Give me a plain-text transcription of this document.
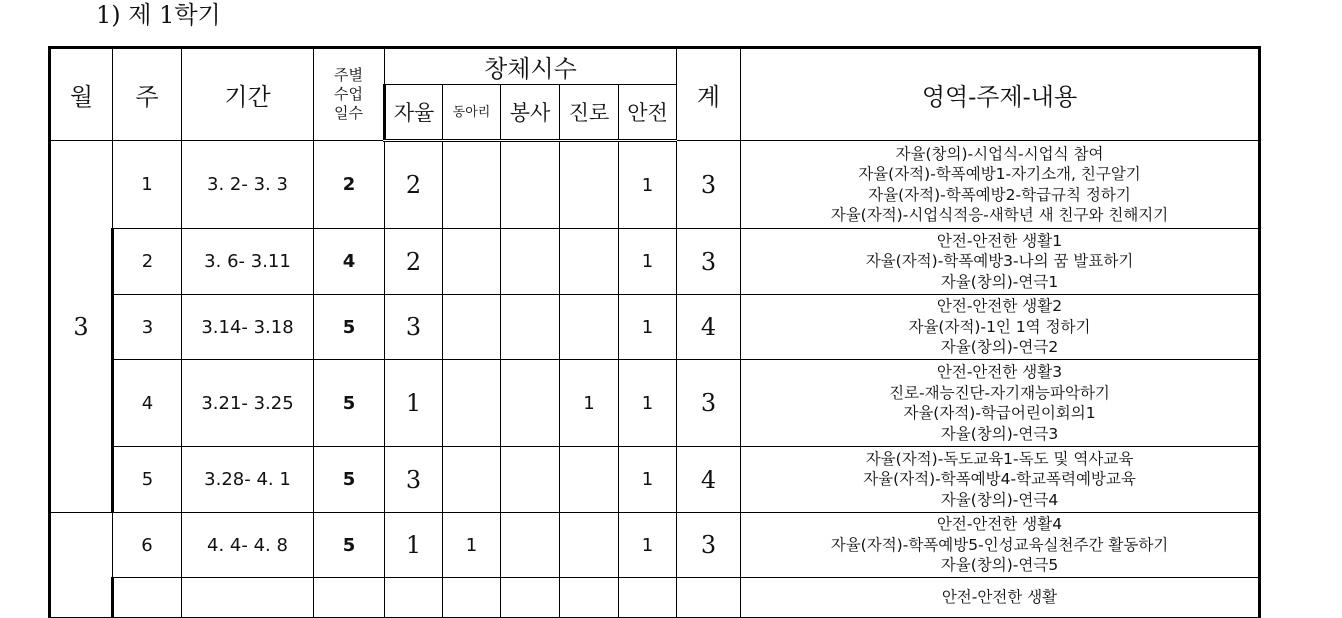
1) 제 1학기
월	주	기간	주별
수업
일수	창체시수					계	영역-주제-내용
				자율	동아리	봉사	진로	안전		
3	1	3. 2- 3. 3	2	2				1	3	자율(창의)-시업식-시업식 참여
자율(자적)-학폭예방1-자기소개, 친구알기
자율(자적)-학폭예방2-학급규칙 정하기
자율(자적)-시업식적응-새학년 새 친구와 친해지기

	2	3. 6- 3.11	4	2				1	3	안전-안전한 생활1
자율(자적)-학폭예방3-나의 꿈 발표하기
자율(창의)-연극1

	3	3.14- 3.18	5	3				1	4	안전-안전한 생활2
자율(자적)-1인 1역 정하기
자율(창의)-연극2

	4	3.21- 3.25	5	1			1	1	3	안전-안전한 생활3
진로-재능진단-자기재능파악하기
자율(자적)-학급어린이회의1
자율(창의)-연극3

	5	3.28- 4. 1	5	3				1	4	자율(자적)-독도교육1-독도 및 역사교육
자율(자적)-학폭예방4-학교폭력예방교육
자율(창의)-연극4

	6	4. 4- 4. 8	5	1	1			1	3	안전-안전한 생활4
자율(자적)-학폭예방5-인성교육실천주간 활동하기
자율(창의)-연극5

										안전-안전한 생활
